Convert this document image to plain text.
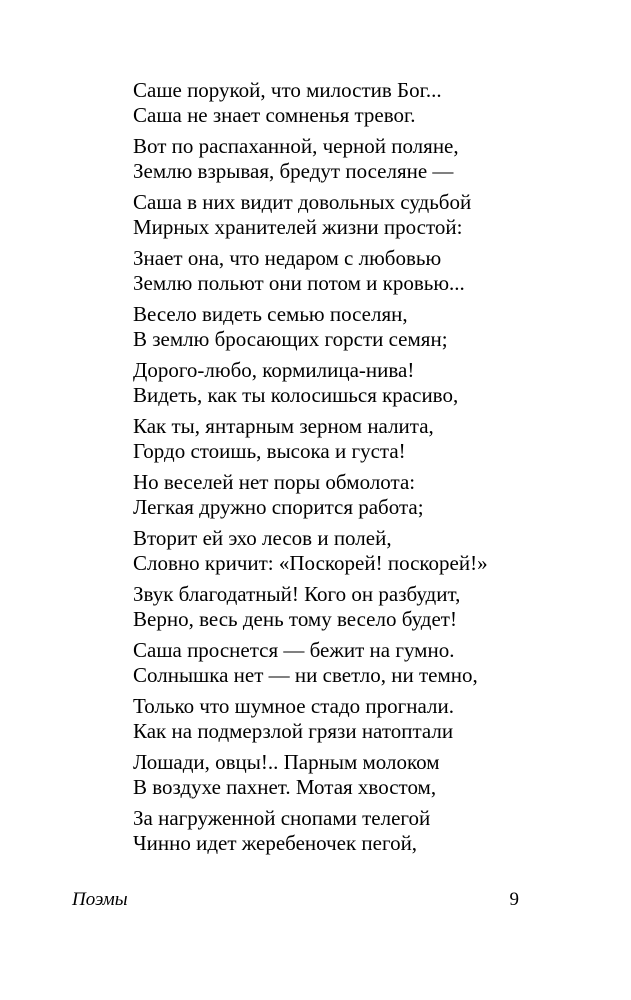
Саше порукой, что милостив Бог...
Саша не знает сомненья тревог.
Вот по распаханной, черной поляне,
Землю взрывая, бредут поселяне —
Саша в них видит довольных судьбой
Мирных хранителей жизни простой:
Знает она, что недаром с любовью
Землю польют они потом и кровью...
Весело видеть семью поселян,
В землю бросающих горсти семян;
Дорого-любо, кормилица-нива!
Видеть, как ты колосишься красиво,
Как ты, янтарным зерном налита,
Гордо стоишь, высока и густа!
Но веселей нет поры обмолота:
Легкая дружно спорится работа;
Вторит ей эхо лесов и полей,
Словно кричит: «Поскорей! поскорей!»
Звук благодатный! Кого он разбудит,
Верно, весь день тому весело будет!
Саша проснется — бежит на гумно.
Солнышка нет — ни светло, ни темно,
Только что шумное стадо прогнали.
Как на подмерзлой грязи натоптали
Лошади, овцы!.. Парным молоком
В воздухе пахнет. Мотая хвостом,
За нагруженной снопами телегой
Чинно идет жеребеночек пегой,
Поэмы	9
